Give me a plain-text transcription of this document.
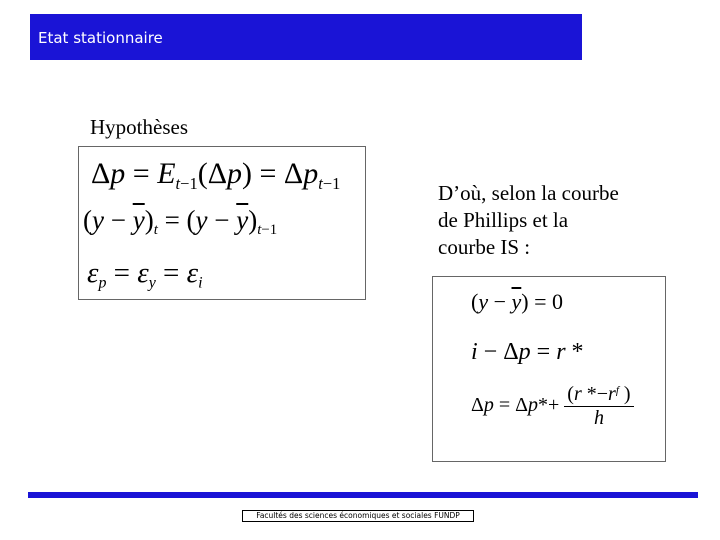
Etat stationnaire
Hypothèses
$\Delta p = E_{t-1}(\Delta p) = \Delta p_{t-1}$
$(y - \overline{y})_t = (y - \overline{y})_{t-1}$
$\varepsilon_p = \varepsilon_y = \varepsilon_i$
D’où, selon la courbe
de Phillips et la
courbe IS :
$(y - \overline{y}) = 0$
i − Δp = r *
$\Delta p = \Delta p*+ \frac{(r *-r^f )}{h}$
Facultés des sciences économiques et sociales FUNDP
